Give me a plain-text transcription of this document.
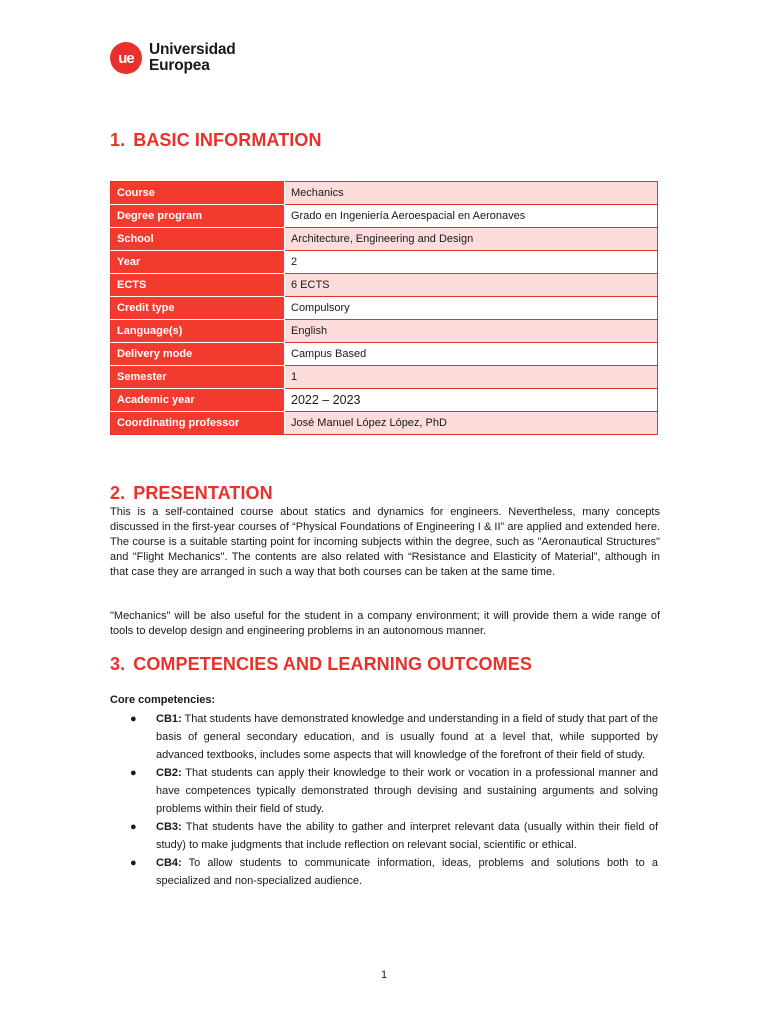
ue Universidad
Europea
1. BASIC INFORMATION
Course	Mechanics
Degree program	Grado en Ingeniería Aeroespacial en Aeronaves
School	Architecture, Engineering and Design
Year	2
ECTS	6 ECTS
Credit type	Compulsory
Language(s)	English
Delivery mode	Campus Based
Semester	1
Academic year	2022 – 2023
Coordinating professor	José Manuel López López, PhD
2. PRESENTATION

This is a self-contained course about statics and dynamics for engineers. Nevertheless, many concepts discussed in the first-year courses of “Physical Foundations of Engineering I & II” are applied and extended here. The course is a suitable starting point for incoming subjects within the degree, such as "Aeronautical Structures" and "Flight Mechanics". The contents are also related with “Resistance and Elasticity of Material”, although in that case they are arranged in such a way that both courses can be taken at the same time.

"Mechanics" will be also useful for the student in a company environment; it will provide them a wide range of tools to develop design and engineering problems in an autonomous manner.

3. COMPETENCIES AND LEARNING OUTCOMES
Core competencies:
● CB1: That students have demonstrated knowledge and understanding in a field of study that part of the basis of general secondary education, and is usually found at a level that, while supported by advanced textbooks, includes some aspects that will knowledge of the forefront of their field of study.
● CB2: That students can apply their knowledge to their work or vocation in a professional manner and have competences typically demonstrated through devising and sustaining arguments and solving problems within their field of study.
● CB3: That students have the ability to gather and interpret relevant data (usually within their field of study) to make judgments that include reflection on relevant social, scientific or ethical.
● CB4: To allow students to communicate information, ideas, problems and solutions both to a specialized and non-specialized audience.
1
